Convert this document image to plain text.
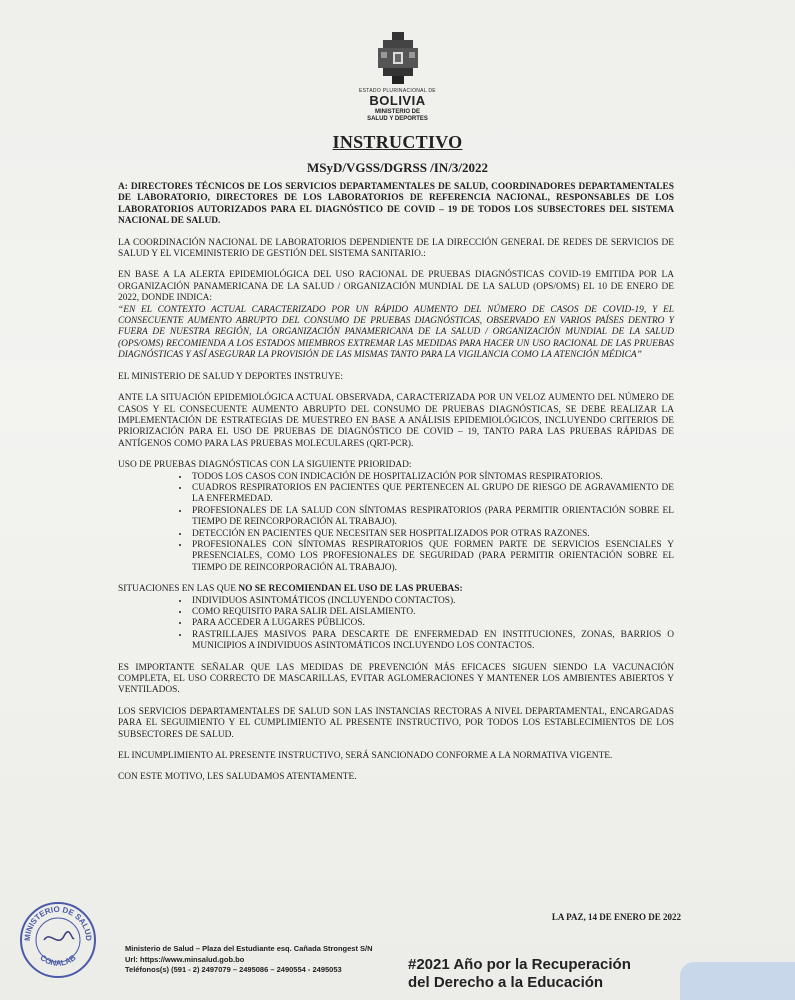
ESTADO PLURINACIONAL DE
BOLIVIA
MINISTERIO DE
SALUD Y DEPORTES
INSTRUCTIVO
MSyD/VGSS/DGRSS /IN/3/2022

A: DIRECTORES TÉCNICOS DE LOS SERVICIOS DEPARTAMENTALES DE SALUD, COORDINADORES DEPARTAMENTALES DE LABORATORIO, DIRECTORES DE LOS LABORATORIOS DE REFERENCIA NACIONAL, RESPONSABLES DE LOS LABORATORIOS AUTORIZADOS PARA EL DIAGNÓSTICO DE COVID – 19 DE TODOS LOS SUBSECTORES DEL SISTEMA NACIONAL DE SALUD.

LA COORDINACIÓN NACIONAL DE LABORATORIOS DEPENDIENTE DE LA DIRECCIÓN GENERAL DE REDES DE SERVICIOS DE SALUD Y EL VICEMINISTERIO DE GESTIÓN DEL SISTEMA SANITARIO.:

EN BASE A LA ALERTA EPIDEMIOLÓGICA DEL USO RACIONAL DE PRUEBAS DIAGNÓSTICAS COVID-19 EMITIDA POR LA ORGANIZACIÓN PANAMERICANA DE LA SALUD / ORGANIZACIÓN MUNDIAL DE LA SALUD (OPS/OMS) EL 10 DE ENERO DE 2022, DONDE INDICA:

“EN EL CONTEXTO ACTUAL CARACTERIZADO POR UN RÁPIDO AUMENTO DEL NÚMERO DE CASOS DE COVID-19, Y EL CONSECUENTE AUMENTO ABRUPTO DEL CONSUMO DE PRUEBAS DIAGNÓSTICAS, OBSERVADO EN VARIOS PAÍSES DENTRO Y FUERA DE NUESTRA REGIÓN, LA ORGANIZACIÓN PANAMERICANA DE LA SALUD / ORGANIZACIÓN MUNDIAL DE LA SALUD (OPS/OMS) RECOMIENDA A LOS ESTADOS MIEMBROS EXTREMAR LAS MEDIDAS PARA HACER UN USO RACIONAL DE LAS PRUEBAS DIAGNÓSTICAS Y ASÍ ASEGURAR LA PROVISIÓN DE LAS MISMAS TANTO PARA LA VIGILANCIA COMO LA ATENCIÓN MÉDICA”

EL MINISTERIO DE SALUD Y DEPORTES INSTRUYE:

ANTE LA SITUACIÓN EPIDEMIOLÓGICA ACTUAL OBSERVADA, CARACTERIZADA POR UN VELOZ AUMENTO DEL NÚMERO DE CASOS Y EL CONSECUENTE AUMENTO ABRUPTO DEL CONSUMO DE PRUEBAS DIAGNÓSTICAS, SE DEBE REALIZAR LA IMPLEMENTACIÓN DE ESTRATEGIAS DE MUESTREO EN BASE A ANÁLISIS EPIDEMIOLÓGICOS, INCLUYENDO CRITERIOS DE PRIORIZACIÓN PARA EL USO DE PRUEBAS DE DIAGNÓSTICO DE COVID – 19, TANTO PARA LAS PRUEBAS RÁPIDAS DE ANTÍGENOS COMO PARA LAS PRUEBAS MOLECULARES (QRT-PCR).

USO DE PRUEBAS DIAGNÓSTICAS CON LA SIGUIENTE PRIORIDAD:

• TODOS LOS CASOS CON INDICACIÓN DE HOSPITALIZACIÓN POR SÍNTOMAS RESPIRATORIOS.
• CUADROS RESPIRATORIOS EN PACIENTES QUE PERTENECEN AL GRUPO DE RIESGO DE AGRAVAMIENTO DE LA ENFERMEDAD.
• PROFESIONALES DE LA SALUD CON SÍNTOMAS RESPIRATORIOS (PARA PERMITIR ORIENTACIÓN SOBRE EL TIEMPO DE REINCORPORACIÓN AL TRABAJO).
• DETECCIÓN EN PACIENTES QUE NECESITAN SER HOSPITALIZADOS POR OTRAS RAZONES.
• PROFESIONALES CON SÍNTOMAS RESPIRATORIOS QUE FORMEN PARTE DE SERVICIOS ESENCIALES Y PRESENCIALES, COMO LOS PROFESIONALES DE SEGURIDAD (PARA PERMITIR ORIENTACIÓN SOBRE EL TIEMPO DE REINCORPORACIÓN AL TRABAJO).

SITUACIONES EN LAS QUE NO SE RECOMIENDAN EL USO DE LAS PRUEBAS:

• INDIVIDUOS ASINTOMÁTICOS (INCLUYENDO CONTACTOS).
• COMO REQUISITO PARA SALIR DEL AISLAMIENTO.
• PARA ACCEDER A LUGARES PÚBLICOS.
• RASTRILLAJES MASIVOS PARA DESCARTE DE ENFERMEDAD EN INSTITUCIONES, ZONAS, BARRIOS O MUNICIPIOS A INDIVIDUOS ASINTOMÁTICOS INCLUYENDO LOS CONTACTOS.

ES IMPORTANTE SEÑALAR QUE LAS MEDIDAS DE PREVENCIÓN MÁS EFICACES SIGUEN SIENDO LA VACUNACIÓN COMPLETA, EL USO CORRECTO DE MASCARILLAS, EVITAR AGLOMERACIONES Y MANTENER LOS AMBIENTES ABIERTOS Y VENTILADOS.

LOS SERVICIOS DEPARTAMENTALES DE SALUD SON LAS INSTANCIAS RECTORAS A NIVEL DEPARTAMENTAL, ENCARGADAS PARA EL SEGUIMIENTO Y EL CUMPLIMIENTO AL PRESENTE INSTRUCTIVO, POR TODOS LOS ESTABLECIMIENTOS DE LOS SUBSECTORES DE SALUD.

EL INCUMPLIMIENTO AL PRESENTE INSTRUCTIVO, SERÁ SANCIONADO CONFORME A LA NORMATIVA VIGENTE.

CON ESTE MOTIVO, LES SALUDAMOS ATENTAMENTE.

LA PAZ, 14 DE ENERO DE 2022
MINISTERIO DE SALUD
CONALAB
Ministerio de Salud – Plaza del Estudiante esq. Cañada Strongest S/N
Url: https://www.minsalud.gob.bo
Teléfonos(s) (591 - 2) 2497079 – 2495086 – 2490554 - 2495053	#2021 Año por la Recuperación
del Derecho a la Educación
